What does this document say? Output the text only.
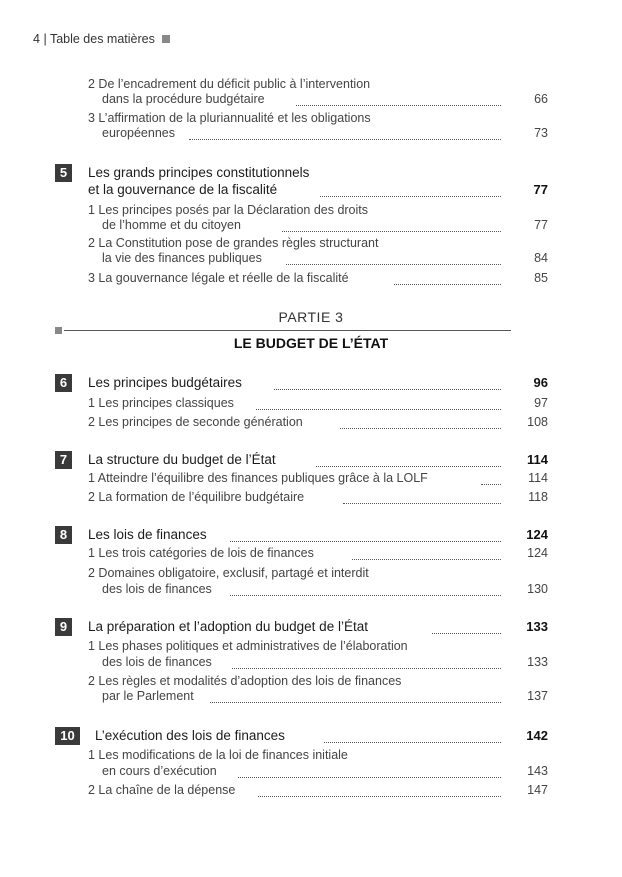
4 | Table des matières
2 De l’encadrement du déficit public à l’intervention
dans la procédure budgétaire	66
3 L’affirmation de la pluriannualité et les obligations
européennes	73
5	Les grands principes constitutionnels
et la gouvernance de la fiscalité	77
1 Les principes posés par la Déclaration des droits
de l’homme et du citoyen	77
2 La Constitution pose de grandes règles structurant
la vie des finances publiques	84
3 La gouvernance légale et réelle de la fiscalité	85
PARTIE 3
LE BUDGET DE L’ÉTAT
6	Les principes budgétaires	96
1 Les principes classiques	97
2 Les principes de seconde génération	108
7	La structure du budget de l’État	114
1 Atteindre l’équilibre des finances publiques grâce à la LOLF	114
2 La formation de l’équilibre budgétaire	118
8	Les lois de finances	124
1 Les trois catégories de lois de finances	124
2 Domaines obligatoire, exclusif, partagé et interdit
des lois de finances	130
9	La préparation et l’adoption du budget de l’État	133
1 Les phases politiques et administratives de l’élaboration
des lois de finances	133
2 Les règles et modalités d’adoption des lois de finances
par le Parlement	137
10	L’exécution des lois de finances	142
1 Les modifications de la loi de finances initiale
en cours d’exécution	143
2 La chaîne de la dépense	147
